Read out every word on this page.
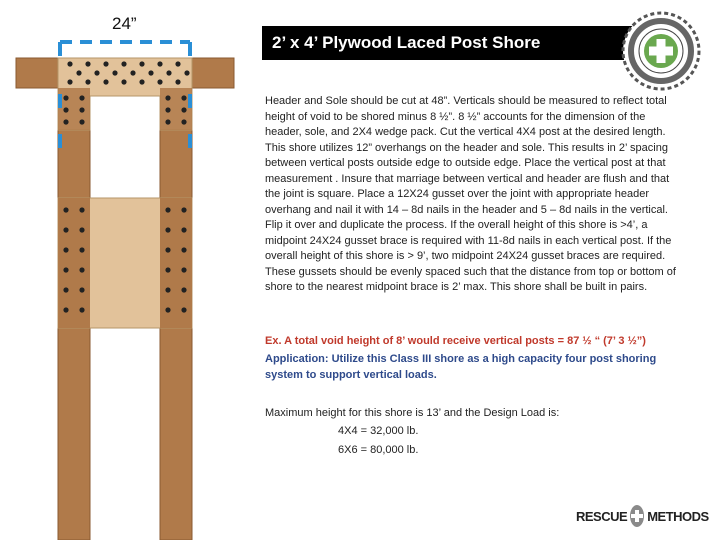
24”
2’ x 4’ Plywood Laced Post Shore

Header and Sole should be cut at 48”. Verticals should be measured to reflect total height of void to be shored minus 8 ½”. 8 ½” accounts for the dimension of the header, sole, and 2X4 wedge pack. Cut the vertical 4X4 post at the desired length. This shore utilizes 12” overhangs on the header and sole. This results in 2’ spacing between vertical posts outside edge to outside edge. Place the vertical post at that measurement . Insure that marriage between vertical and header are flush and that the joint is square. Place a 12X24 gusset over the joint with appropriate header overhang and nail it with 14 – 8d nails in the header and 5 – 8d nails in the vertical. Flip it over and duplicate the process. If the overall height of this shore is >4’, a midpoint 24X24 gusset brace is required with 11-8d nails in each vertical post. If the overall height of this shore is > 9’, two midpoint 24X24 gusset braces are required. These gussets should be evenly spaced such that the distance from top or bottom of shore to the nearest midpoint brace is 2’ max. This shore shall be built in pairs.

Ex. A total void height of 8’ would receive vertical posts = 87 ½ “ (7’ 3 ½”)

Application: Utilize this Class III shore as a high capacity four post shoring system to support vertical loads.

Maximum height for this shore is 13’ and the Design Load is:

4X4 = 32,000 lb.
6X6 = 80,000 lb.
RESCUE METHODS
